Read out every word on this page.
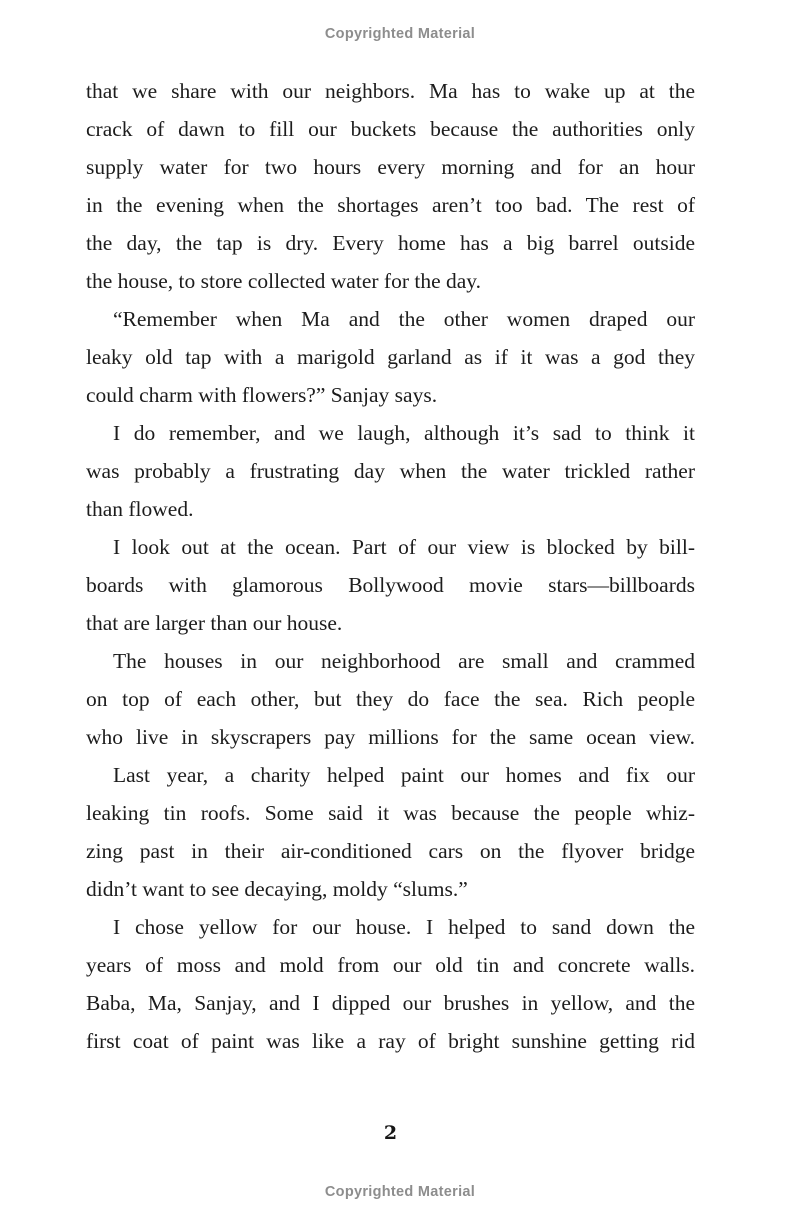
Copyrighted Material
that we share with our neighbors. Ma has to wake up at the
crack of dawn to fill our buckets because the authorities only
supply water for two hours every morning and for an hour
in the evening when the shortages aren’t too bad. The rest of
the day, the tap is dry. Every home has a big barrel outside
the house, to store collected water for the day.
“Remember when Ma and the other women draped our
leaky old tap with a marigold garland as if it was a god they
could charm with flowers?” Sanjay says.
I do remember, and we laugh, although it’s sad to think it
was probably a frustrating day when the water trickled rather
than flowed.
I look out at the ocean. Part of our view is blocked by bill-
boards with glamorous Bollywood movie stars—billboards
that are larger than our house.
The houses in our neighborhood are small and crammed
on top of each other, but they do face the sea. Rich people
who live in skyscrapers pay millions for the same ocean view.
Last year, a charity helped paint our homes and fix our
leaking tin roofs. Some said it was because the people whiz-
zing past in their air-conditioned cars on the flyover bridge
didn’t want to see decaying, moldy “slums.”
I chose yellow for our house. I helped to sand down the
years of moss and mold from our old tin and concrete walls.
Baba, Ma, Sanjay, and I dipped our brushes in yellow, and the
first coat of paint was like a ray of bright sunshine getting rid
2
Copyrighted Material
